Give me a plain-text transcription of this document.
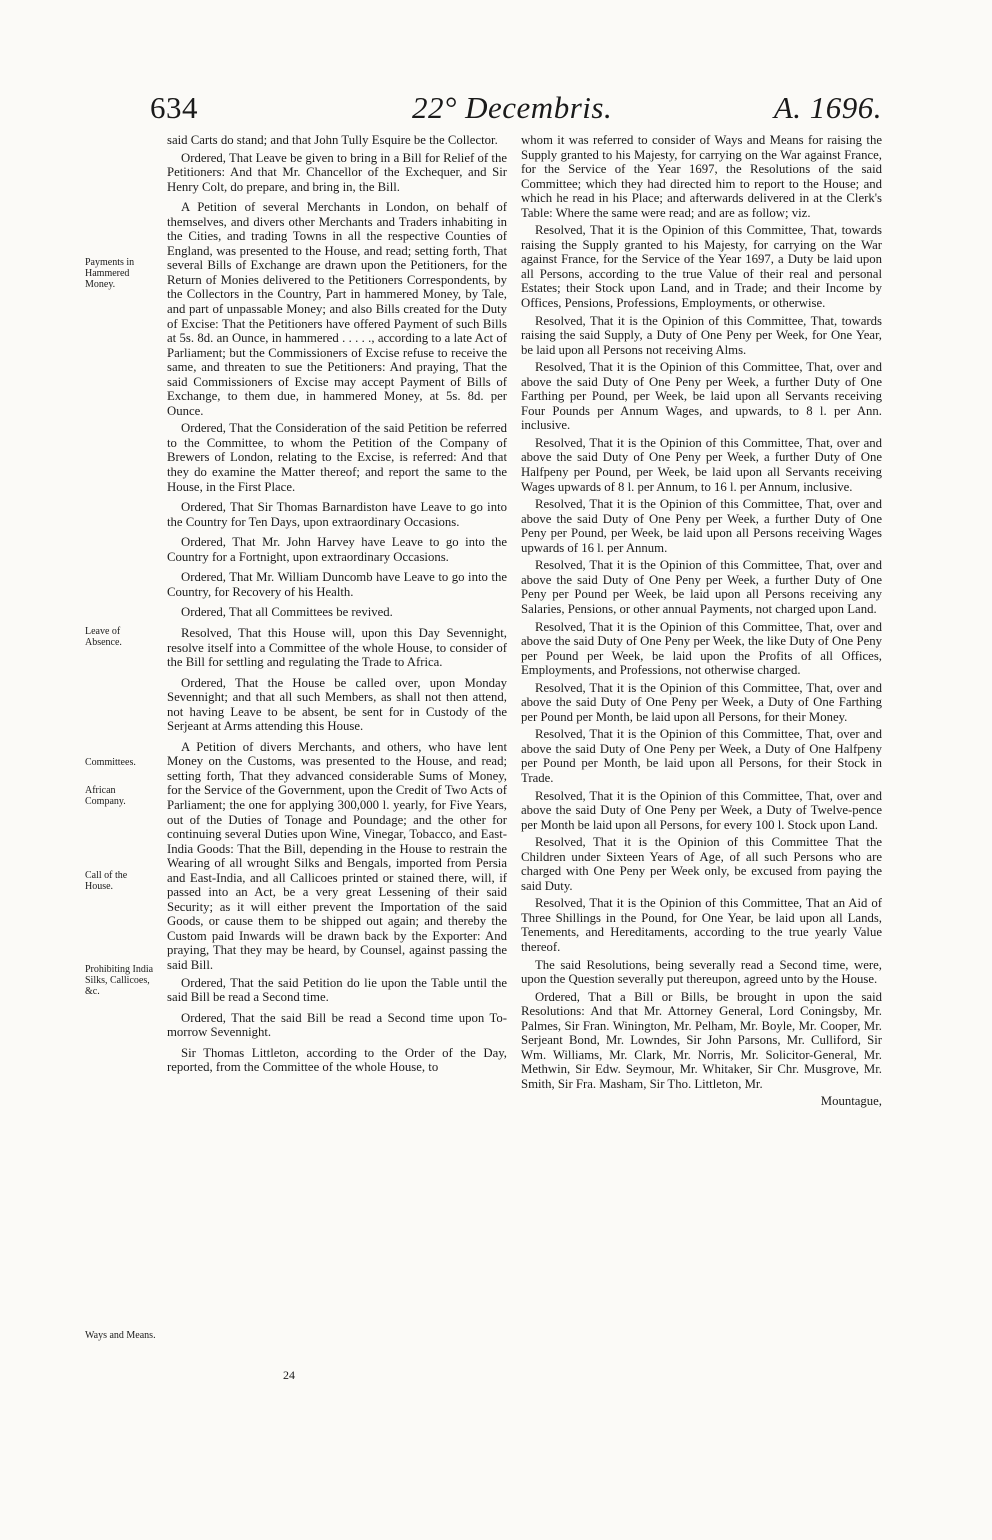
634	22° Decembris.	A. 1696.
Payments in Hammered Money.
Leave of Absence.
Committees.
African Company.
Call of the House.
Prohibiting India Silks, Callicoes, &c.
Ways and Means.

said Carts do stand; and that John Tully Esquire be the Collector.

Ordered, That Leave be given to bring in a Bill for Relief of the Petitioners: And that Mr. Chancellor of the Exchequer, and Sir Henry Colt, do prepare, and bring in, the Bill.

A Petition of several Merchants in London, on behalf of themselves, and divers other Merchants and Traders inhabiting in the Cities, and trading Towns in all the respective Counties of England, was presented to the House, and read; setting forth, That several Bills of Exchange are drawn upon the Petitioners, for the Return of Monies delivered to the Petitioners Correspondents, by the Collectors in the Country, Part in hammered Money, by Tale, and part of unpassable Money; and also Bills created for the Duty of Excise: That the Petitioners have offered Payment of such Bills at 5s. 8d. an Ounce, in hammered . . . . ., according to a late Act of Parliament; but the Commissioners of Excise refuse to receive the same, and threaten to sue the Petitioners: And praying, That the said Commissioners of Excise may accept Payment of Bills of Exchange, to them due, in hammered Money, at 5s. 8d. per Ounce.

Ordered, That the Consideration of the said Petition be referred to the Committee, to whom the Petition of the Company of Brewers of London, relating to the Excise, is referred: And that they do examine the Matter thereof; and report the same to the House, in the First Place.

Ordered, That Sir Thomas Barnardiston have Leave to go into the Country for Ten Days, upon extraordinary Occasions.

Ordered, That Mr. John Harvey have Leave to go into the Country for a Fortnight, upon extraordinary Occasions.

Ordered, That Mr. William Duncomb have Leave to go into the Country, for Recovery of his Health.

Ordered, That all Committees be revived.

Resolved, That this House will, upon this Day Sevennight, resolve itself into a Committee of the whole House, to consider of the Bill for settling and regulating the Trade to Africa.

Ordered, That the House be called over, upon Monday Sevennight; and that all such Members, as shall not then attend, not having Leave to be absent, be sent for in Custody of the Serjeant at Arms attending this House.

A Petition of divers Merchants, and others, who have lent Money on the Customs, was presented to the House, and read; setting forth, That they advanced considerable Sums of Money, for the Service of the Government, upon the Credit of Two Acts of Parliament; the one for applying 300,000 l. yearly, for Five Years, out of the Duties of Tonage and Poundage; and the other for continuing several Duties upon Wine, Vinegar, Tobacco, and East-India Goods: That the Bill, depending in the House to restrain the Wearing of all wrought Silks and Bengals, imported from Persia and East-India, and all Callicoes printed or stained there, will, if passed into an Act, be a very great Lessening of their said Security; as it will either prevent the Importation of the said Goods, or cause them to be shipped out again; and thereby the Custom paid Inwards will be drawn back by the Exporter: And praying, That they may be heard, by Counsel, against passing the said Bill.

Ordered, That the said Petition do lie upon the Table until the said Bill be read a Second time.

Ordered, That the said Bill be read a Second time upon To-morrow Sevennight.

Sir Thomas Littleton, according to the Order of the Day, reported, from the Committee of the whole House, to

whom it was referred to consider of Ways and Means for raising the Supply granted to his Majesty, for carrying on the War against France, for the Service of the Year 1697, the Resolutions of the said Committee; which they had directed him to report to the House; and which he read in his Place; and afterwards delivered in at the Clerk's Table: Where the same were read; and are as follow; viz.

Resolved, That it is the Opinion of this Committee, That, towards raising the Supply granted to his Majesty, for carrying on the War against France, for the Service of the Year 1697, a Duty be laid upon all Persons, according to the true Value of their real and personal Estates; their Stock upon Land, and in Trade; and their Income by Offices, Pensions, Professions, Employments, or otherwise.

Resolved, That it is the Opinion of this Committee, That, towards raising the said Supply, a Duty of One Peny per Week, for One Year, be laid upon all Persons not receiving Alms.

Resolved, That it is the Opinion of this Committee, That, over and above the said Duty of One Peny per Week, a further Duty of One Farthing per Pound, per Week, be laid upon all Servants receiving Four Pounds per Annum Wages, and upwards, to 8 l. per Ann. inclusive.

Resolved, That it is the Opinion of this Committee, That, over and above the said Duty of One Peny per Week, a further Duty of One Halfpeny per Pound, per Week, be laid upon all Servants receiving Wages upwards of 8 l. per Annum, to 16 l. per Annum, inclusive.

Resolved, That it is the Opinion of this Committee, That, over and above the said Duty of One Peny per Week, a further Duty of One Peny per Pound, per Week, be laid upon all Persons receiving Wages upwards of 16 l. per Annum.

Resolved, That it is the Opinion of this Committee, That, over and above the said Duty of One Peny per Week, a further Duty of One Peny per Pound per Week, be laid upon all Persons receiving any Salaries, Pensions, or other annual Payments, not charged upon Land.

Resolved, That it is the Opinion of this Committee, That, over and above the said Duty of One Peny per Week, the like Duty of One Peny per Pound per Week, be laid upon the Profits of all Offices, Employments, and Professions, not otherwise charged.

Resolved, That it is the Opinion of this Committee, That, over and above the said Duty of One Peny per Week, a Duty of One Farthing per Pound per Month, be laid upon all Persons, for their Money.

Resolved, That it is the Opinion of this Committee, That, over and above the said Duty of One Peny per Week, a Duty of One Halfpeny per Pound per Month, be laid upon all Persons, for their Stock in Trade.

Resolved, That it is the Opinion of this Committee, That, over and above the said Duty of One Peny per Week, a Duty of Twelve-pence per Month be laid upon all Persons, for every 100 l. Stock upon Land.

Resolved, That it is the Opinion of this Committee That the Children under Sixteen Years of Age, of all such Persons who are charged with One Peny per Week only, be excused from paying the said Duty.

Resolved, That it is the Opinion of this Committee, That an Aid of Three Shillings in the Pound, for One Year, be laid upon all Lands, Tenements, and Hereditaments, according to the true yearly Value thereof.

The said Resolutions, being severally read a Second time, were, upon the Question severally put thereupon, agreed unto by the House.

Ordered, That a Bill or Bills, be brought in upon the said Resolutions: And that Mr. Attorney General, Lord Coningsby, Mr. Palmes, Sir Fran. Winington, Mr. Pelham, Mr. Boyle, Mr. Cooper, Mr. Serjeant Bond, Mr. Lowndes, Sir John Parsons, Mr. Culliford, Sir Wm. Williams, Mr. Clark, Mr. Norris, Mr. Solicitor-General, Mr. Methwin, Sir Edw. Seymour, Mr. Whitaker, Sir Chr. Musgrove, Mr. Smith, Sir Fra. Masham, Sir Tho. Littleton, Mr.

Mountague,

24
